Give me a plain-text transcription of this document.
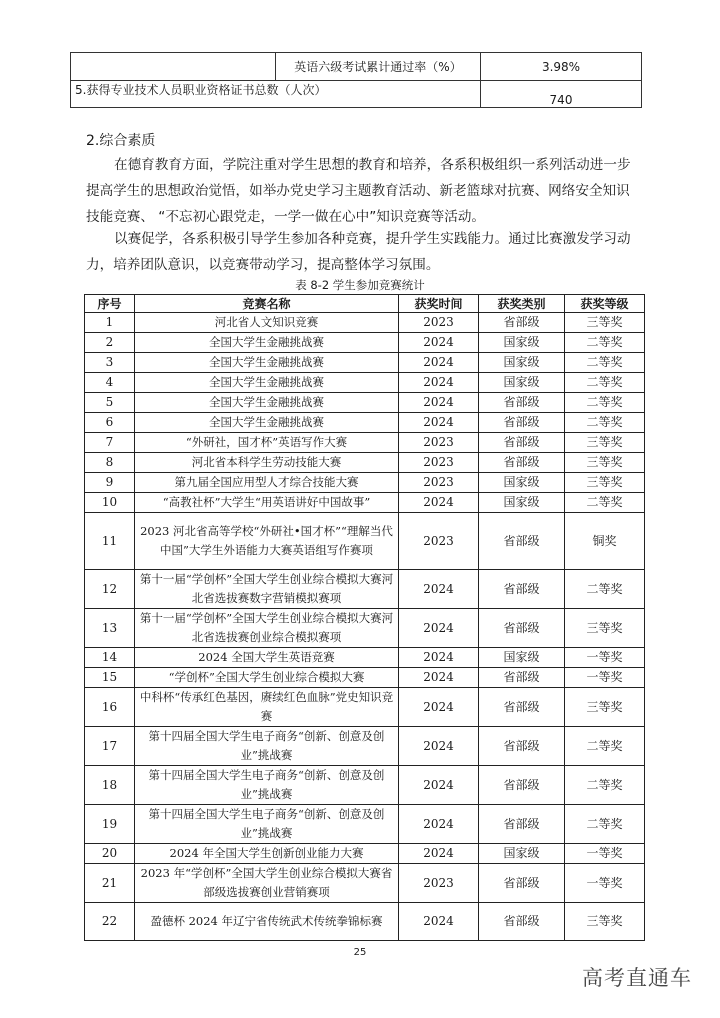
	英语六级考试累计通过率（%）	3.98%
5.获得专业技术人员职业资格证书总数（人次）		740
2.综合素质

在德育教育方面，学院注重对学生思想的教育和培养，各系积极组织一系列活动进一步提高学生的思想政治觉悟，如举办党史学习主题教育活动、新老篮球对抗赛、网络安全知识技能竞赛、 “不忘初心跟党走，一学一做在心中”知识竞赛等活动。

以赛促学，各系积极引导学生参加各种竞赛，提升学生实践能力。通过比赛激发学习动力，培养团队意识，以竞赛带动学习，提高整体学习氛围。

表 8-2 学生参加竞赛统计
序号	竞赛名称	获奖时间	获奖类别	获奖等级
1	河北省人文知识竞赛	2023	省部级	三等奖
2	全国大学生金融挑战赛	2024	国家级	二等奖
3	全国大学生金融挑战赛	2024	国家级	二等奖
4	全国大学生金融挑战赛	2024	国家级	二等奖
5	全国大学生金融挑战赛	2024	省部级	二等奖
6	全国大学生金融挑战赛	2024	省部级	二等奖
7	“外研社，国才杯”英语写作大赛	2023	省部级	三等奖
8	河北省本科学生劳动技能大赛	2023	省部级	三等奖
9	第九届全国应用型人才综合技能大赛	2023	国家级	三等奖
10	“高教社杯”大学生“用英语讲好中国故事”	2024	国家级	二等奖
11	2023 河北省高等学校“外研社•国才杯”“理解当代中国”大学生外语能力大赛英语组写作赛项	2023	省部级	铜奖
12	第十一届“学创杯”全国大学生创业综合模拟大赛河北省选拔赛数字营销模拟赛项	2024	省部级	二等奖
13	第十一届“学创杯”全国大学生创业综合模拟大赛河北省选拔赛创业综合模拟赛项	2024	省部级	三等奖
14	2024 全国大学生英语竞赛	2024	国家级	一等奖
15	“学创杯”全国大学生创业综合模拟大赛	2024	省部级	一等奖
16	中科杯“传承红色基因，赓续红色血脉”党史知识竞赛	2024	省部级	三等奖
17	第十四届全国大学生电子商务“创新、创意及创业”挑战赛	2024	省部级	二等奖
18	第十四届全国大学生电子商务“创新、创意及创业”挑战赛	2024	省部级	二等奖
19	第十四届全国大学生电子商务“创新、创意及创业”挑战赛	2024	省部级	二等奖
20	2024 年全国大学生创新创业能力大赛	2024	国家级	一等奖
21	2023 年“学创杯”全国大学生创业综合模拟大赛省部级选拔赛创业营销赛项	2023	省部级	一等奖
22	盈德杯 2024 年辽宁省传统武术传统拳锦标赛	2024	省部级	三等奖
25
高考直通车
